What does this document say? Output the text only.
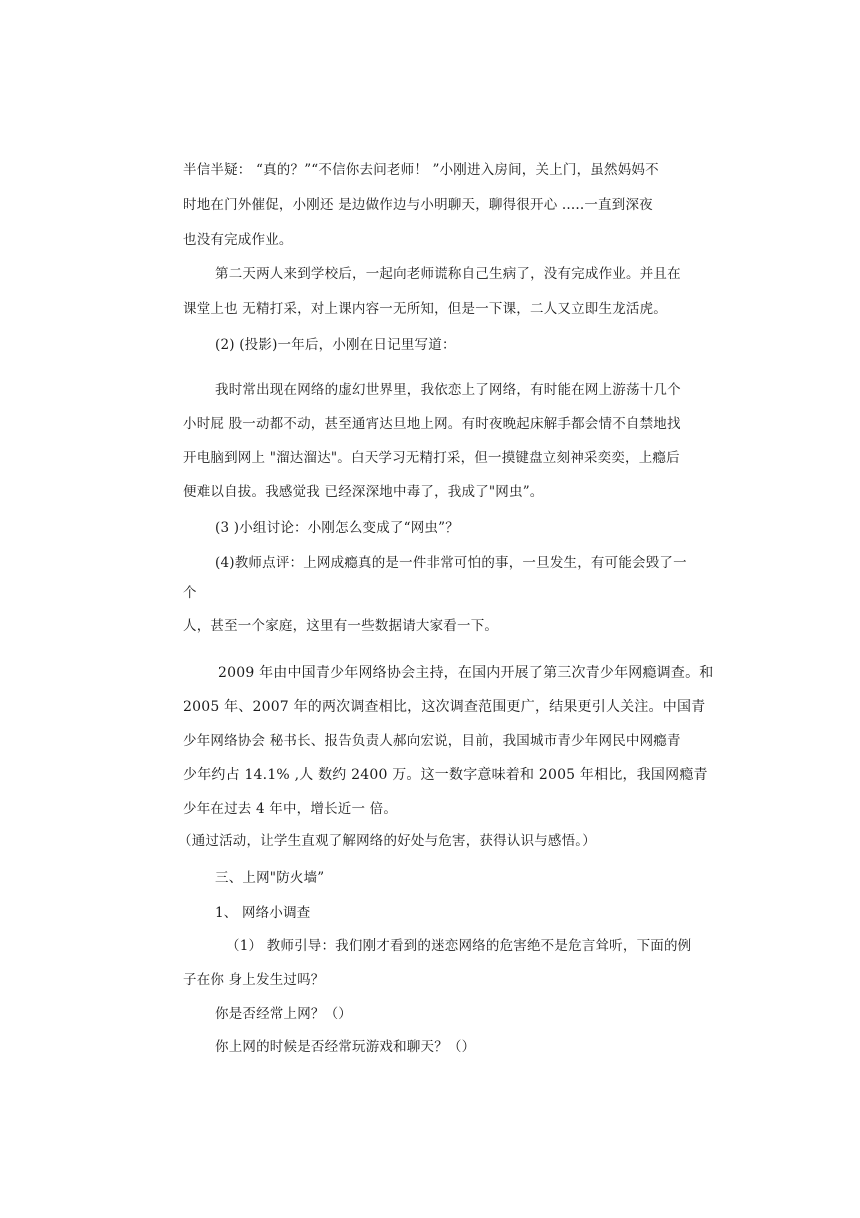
半信半疑： “真的？”“不信你去问老师！ ”小刚进入房间，关上门，虽然妈妈不
时地在门外催促，小刚还 是边做作边与小明聊天，聊得很开心 .....一直到深夜
也没有完成作业。
第二天两人来到学校后，一起向老师谎称自己生病了，没有完成作业。并且在
课堂上也 无精打采，对上课内容一无所知，但是一下课，二人又立即生龙活虎。
(2) (投影)一年后，小刚在日记里写道：
我时常出现在网络的虚幻世界里，我依恋上了网络，有时能在网上游荡十几个
小时屁 股一动都不动，甚至通宵达旦地上网。有时夜晚起床解手都会情不自禁地找
开电脑到网上 "溜达溜达"。白天学习无精打采，但一摸键盘立刻神采奕奕，上瘾后
便难以自拔。我感觉我 已经深深地中毒了，我成了"网虫”。
(3 )小组讨论：小刚怎么变成了“网虫”？
(4)教师点评：上网成瘾真的是一件非常可怕的事，一旦发生，有可能会毁了一
个
人，甚至一个家庭，这里有一些数据请大家看一下。
2009 年由中国青少年网络协会主持，在国内开展了第三次青少年网瘾调查。和
2005 年、2007 年的两次调查相比，这次调查范围更广，结果更引人关注。中国青
少年网络协会 秘书长、报告负责人郝向宏说，目前，我国城市青少年网民中网瘾青
少年约占 14.1% ,人 数约 2400 万。这一数字意味着和 2005 年相比，我国网瘾青
少年在过去 4 年中，增长近一 倍。
（通过活动，让学生直观了解网络的好处与危害，获得认识与感悟。）
三、上网"防火墙”
1、 网络小调查
（1） 教师引导：我们刚才看到的迷恋网络的危害绝不是危言耸听，下面的例
子在你 身上发生过吗？
你是否经常上网？（）
你上网的时候是否经常玩游戏和聊天？（）
